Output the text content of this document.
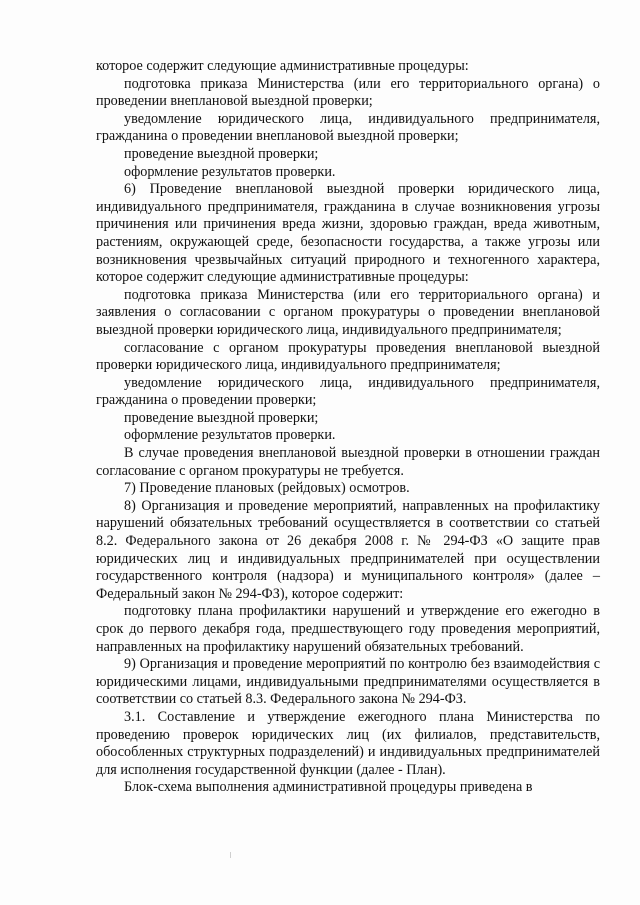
которое содержит следующие административные процедуры:

подготовка приказа Министерства (или его территориального органа) о проведении внеплановой выездной проверки;

уведомление юридического лица, индивидуального предпринимателя, гражданина о проведении внеплановой выездной проверки;

проведение выездной проверки;

оформление результатов проверки.

6) Проведение внеплановой выездной проверки юридического лица, индивидуального предпринимателя, гражданина в случае возникновения угрозы причинения или причинения вреда жизни, здоровью граждан, вреда животным, растениям, окружающей среде, безопасности государства, а также угрозы или возникновения чрезвычайных ситуаций природного и техногенного характера, которое содержит следующие административные процедуры:

подготовка приказа Министерства (или его территориального органа) и заявления о согласовании с органом прокуратуры о проведении внеплановой выездной проверки юридического лица, индивидуального предпринимателя;

согласование с органом прокуратуры проведения внеплановой выездной проверки юридического лица, индивидуального предпринимателя;

уведомление юридического лица, индивидуального предпринимателя, гражданина о проведении проверки;

проведение выездной проверки;

оформление результатов проверки.

В случае проведения внеплановой выездной проверки в отношении граждан согласование с органом прокуратуры не требуется.

7) Проведение плановых (рейдовых) осмотров.

8) Организация и проведение мероприятий, направленных на профилактику нарушений обязательных требований осуществляется в соответствии со статьей 8.2. Федерального закона от 26 декабря 2008 г. № 294-ФЗ «О защите прав юридических лиц и индивидуальных предпринимателей при осуществлении государственного контроля (надзора) и муниципального контроля» (далее – Федеральный закон № 294-ФЗ), которое содержит:

подготовку плана профилактики нарушений и утверждение его ежегодно в срок до первого декабря года, предшествующего году проведения мероприятий, направленных на профилактику нарушений обязательных требований.

9) Организация и проведение мероприятий по контролю без взаимодействия с юридическими лицами, индивидуальными предпринимателями осуществляется в соответствии со статьей 8.3. Федерального закона № 294-ФЗ.

3.1. Составление и утверждение ежегодного плана Министерства по проведению проверок юридических лиц (их филиалов, представительств, обособленных структурных подразделений) и индивидуальных предпринимателей для исполнения государственной функции (далее - План).

Блок-схема выполнения административной процедуры приведена в
